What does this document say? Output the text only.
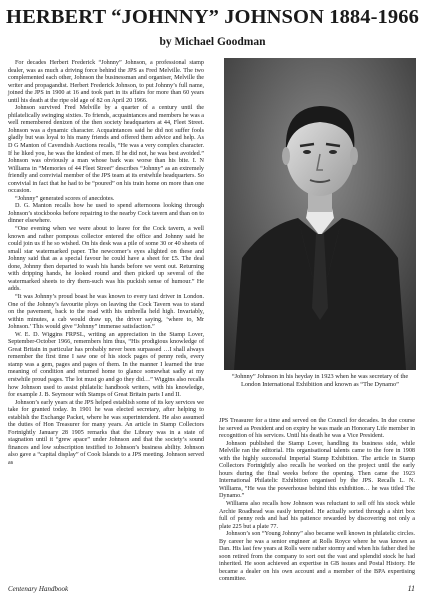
HERBERT “JOHNNY” JOHNSON 1884-1966
by Michael Goodman

For decades Herbert Frederick “Johnny” Johnson, a professional stamp dealer, was as much a driving force behind the JPS as Fred Melville. The two complemented each other, Johnson the businessman and organiser, Melville the writer and propagandist. Herbert Frederick Johnson, to put Johnny’s full name, joined the JPS in 1900 at 16 and took part in its affairs for more than 60 years until his death at the ripe old age of 82 on April 20 1966.

Johnson survived Fred Melville by a quarter of a century until the philatelically swinging sixties. To friends, acquaintances and members he was a well remembered denizen of the then society headquarters at 44, Fleet Street. Johnson was a dynamic character. Acquaintances said he did not suffer fools gladly but was loyal to his many friends and offered them advice and help. As D G Manton of Cavendish Auctions recalls, “He was a very complex character. If he liked you, he was the kindest of men. If he did not, he was best avoided.” Johnson was obviously a man whose bark was worse than his bite. I. N Williams in “Memories of 44 Fleet Street” describes “Johnny” as an extremely friendly and convivial member of the JPS team at its erstwhile headquarters. So convivial in fact that he had to be “poured” on his train home on more than one occasion.

“Johnny” generated scores of anecdotes.

D. G. Manton recalls how he used to spend afternoons looking through Johnson’s stockbooks before repairing to the nearby Cock tavern and than on to dinner elsewhere.

“One evening when we were about to leave for the Cock tavern, a well known and rather pompous collector entered the office and Johnny said he could join us if he so wished. On his desk was a pile of some 30 or 40 sheets of small star watermarked paper. The newcomer’s eyes alighted on these and Johnny said that as a special favour he could have a sheet for £5. The deal done, Johnny then departed to wash his hands before we went out. Returning with dripping hands, he looked round and then picked up several of the watermarked sheets to dry them-such was his puckish sense of humour.” He adds.

“It was Johnny’s proud boast he was known to every taxi driver in London. One of the Johnny’s favourite ploys on leaving the Cock Tavern was to stand on the pavement, back to the road with his umbrella held high. Invariably, within minutes, a cab would draw up, the driver saying, ‘where to, Mr Johnson.’ This would give “Johnny” immense satisfaction.”

W. E. D. Wiggins FRPSL, writing an appreciation in the Stamp Lover, September-October 1966, remembers him thus, “His prodigious knowledge of Great Britain in particular has probably never been surpassed …I shall always remember the first time I saw one of his stock pages of penny reds, every stamp was a gem, pages and pages of them. In the manner I learned the true meaning of condition and returned home to glance somewhat sadly at my erstwhile proud pages. The lot must go and go they did…” Wiggins also recalls how Johnson used to assist philatelic handbook writers, with his knowledge, for example J. B. Seymour with Stamps of Great Britain parts I and II.

Johnson’s early years at the JPS helped establish some of its key services we take for granted today. In 1901 he was elected secretary, after helping to establish the Exchange Packet, where he was superintendent. He also assumed the duties of Hon Treasurer for many years. An article in Stamp Collectors Fortnightly January 28 1905 remarks that the Library was in a state of stagnation until it “grew apace” under Johnson and that the society’s sound finances and low subscription testified to Johnson’s business ability. Johnson also gave a “capital display” of Cook Islands to a JPS meeting. Johnson served as

“Johnny” Johnson in his heyday in 1923 when he was secretary of the London International Exhibition and known as “The Dynamo”

JPS Treasurer for a time and served on the Council for decades. In due course he served as President and on expiry he was made an Honorary Life member in recognition of his services. Until his death he was a Vice President.

Johnson published the Stamp Lover, handling its business side, while Melville ran the editorial. His organisational talents came to the fore in 1908 with the highly successful Imperial Stamp Exhibition. The article in Stamp Collectors Fortnightly also recalls he worked on the project until the early hours during the final weeks before the opening. Then came the 1923 International Philatelic Exhibition organised by the JPS. Recalls L. N. Williams, “He was the powerhouse behind this exhibition… he was titled The Dynamo.”

Williams also recalls how Johnson was reluctant to sell off his stock while Archie Roadhead was easily tempted. He actually sorted through a shirt box full of penny reds and had his patience rewarded by discovering not only a plate 225 but a plate 77.

Johnson’s son “Young Johnny” also became well known in philatelic circles. By career he was a senior engineer at Rolls Royce where he was known as Dan. His last few years at Rolls were rather stormy and when his father died he soon retired from the company to sort out the vast and splendid stock he had inherited. He soon achieved an expertise in GB issues and Postal History. He became a dealer on his own account and a member of the BPA expertising committee.

Centenary Handbook	11
